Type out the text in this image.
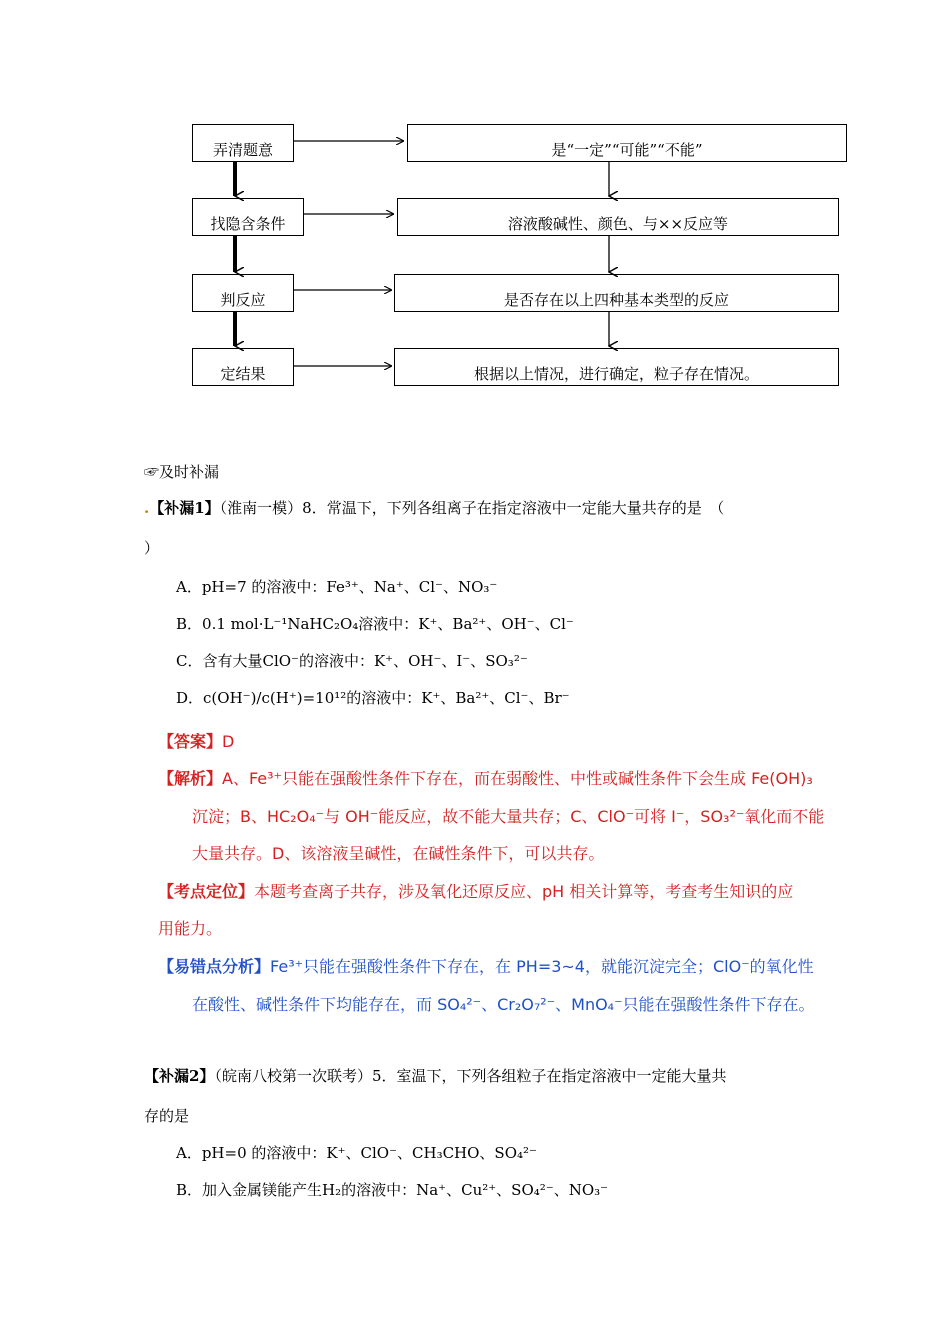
弄清题意
找隐含条件
判反应
定结果
是“一定”“可能”“不能”
溶液酸碱性、颜色、与××反应等
是否存在以上四种基本类型的反应
根据以上情况，进行确定，粒子存在情况。
☞及时补漏
.【补漏1】（淮南一模）8．常温下，下列各组离子在指定溶液中一定能大量共存的是　（
）
A．pH=7 的溶液中：Fe³⁺、Na⁺、Cl⁻、NO₃⁻
B．0.1 mol·L⁻¹NaHC₂O₄溶液中：K⁺、Ba²⁺、OH⁻、Cl⁻
C．含有大量ClO⁻的溶液中：K⁺、OH⁻、I⁻、SO₃²⁻
D．c(OH⁻)/c(H⁺)=10¹²的溶液中：K⁺、Ba²⁺、Cl⁻、Br⁻
【答案】D
【解析】A、Fe³⁺只能在强酸性条件下存在，而在弱酸性、中性或碱性条件下会生成 Fe(OH)₃
沉淀；B、HC₂O₄⁻与 OH⁻能反应，故不能大量共存；C、ClO⁻可将 I⁻，SO₃²⁻氧化而不能
大量共存。D、该溶液呈碱性，在碱性条件下，可以共存。
【考点定位】本题考查离子共存，涉及氧化还原反应、pH 相关计算等，考查考生知识的应
用能力。
【易错点分析】Fe³⁺只能在强酸性条件下存在，在 PH=3~4，就能沉淀完全；ClO⁻的氧化性
在酸性、碱性条件下均能存在，而 SO₄²⁻、Cr₂O₇²⁻、MnO₄⁻只能在强酸性条件下存在。
【补漏2】（皖南八校第一次联考）5．室温下，下列各组粒子在指定溶液中一定能大量共
存的是
A．pH=0 的溶液中：K⁺、ClO⁻、CH₃CHO、SO₄²⁻
B．加入金属镁能产生H₂的溶液中：Na⁺、Cu²⁺、SO₄²⁻、NO₃⁻
